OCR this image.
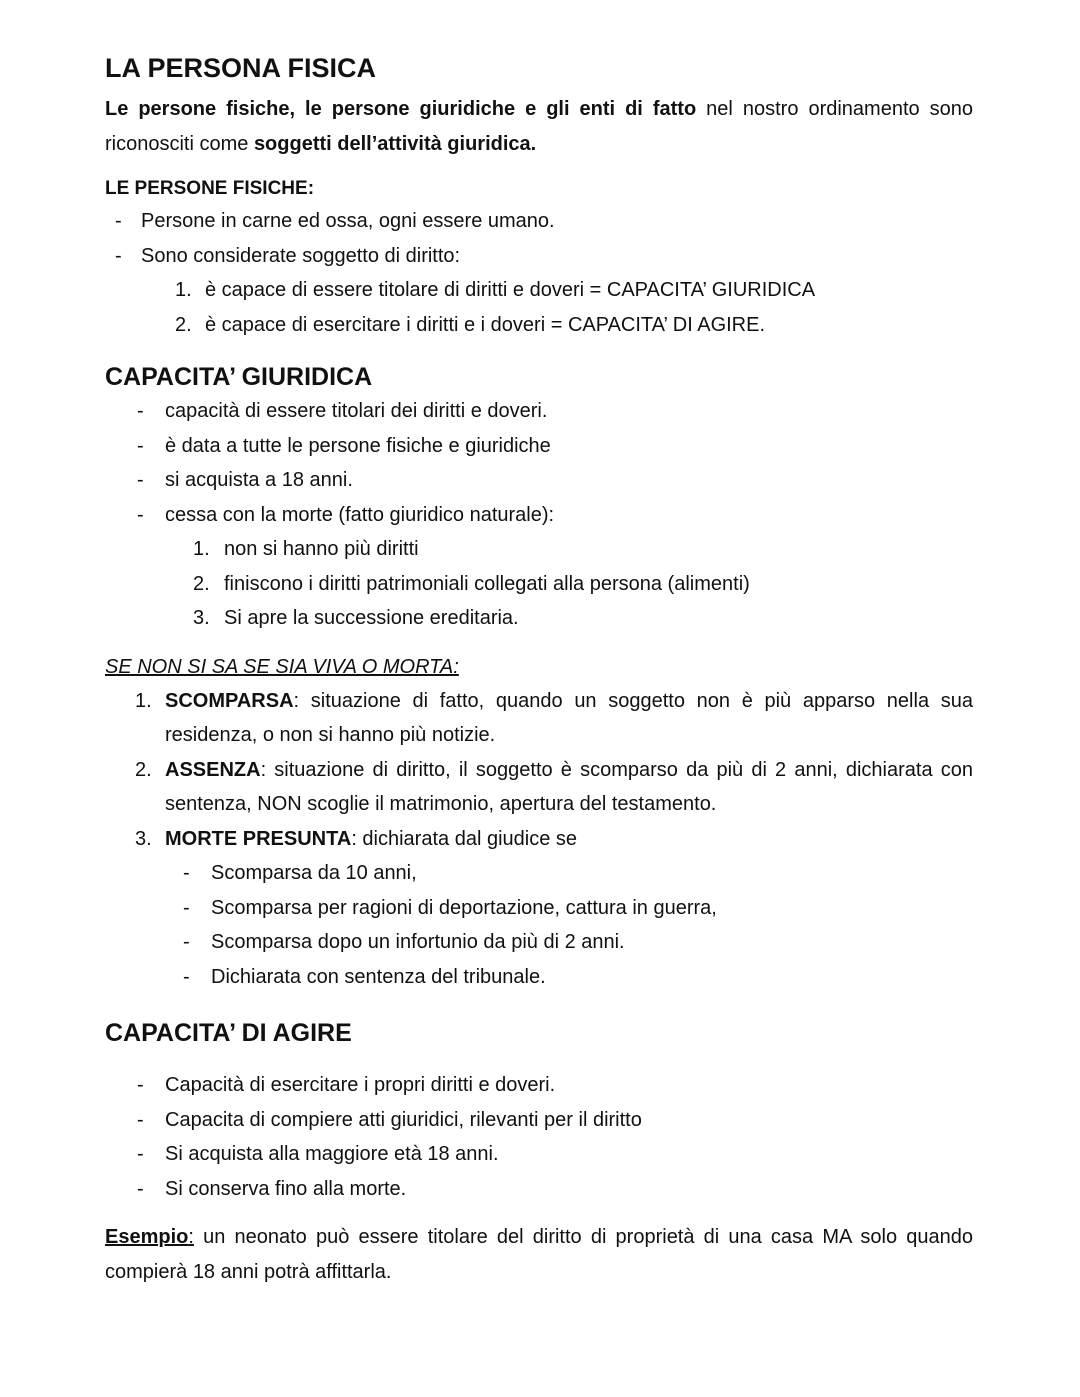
LA PERSONA FISICA

Le persone fisiche, le persone giuridiche e gli enti di fatto nel nostro ordinamento sono riconosciti come soggetti dell’attività giuridica.

LE PERSONE FISICHE:
- Persone in carne ed ossa, ogni essere umano.
- Sono considerate soggetto di diritto:
1. è capace di essere titolare di diritti e doveri = CAPACITA’ GIURIDICA
2. è capace di esercitare i diritti e i doveri = CAPACITA’ DI AGIRE.
CAPACITA’ GIURIDICA
- capacità di essere titolari dei diritti e doveri.
- è data a tutte le persone fisiche e giuridiche
- si acquista a 18 anni.
- cessa con la morte (fatto giuridico naturale):
1. non si hanno più diritti
2. finiscono i diritti patrimoniali collegati alla persona (alimenti)
3. Si apre la successione ereditaria.
SE NON SI SA SE SIA VIVA O MORTA:
1. SCOMPARSA: situazione di fatto, quando un soggetto non è più apparso nella sua residenza, o non si hanno più notizie.
2. ASSENZA: situazione di diritto, il soggetto è scomparso da più di 2 anni, dichiarata con sentenza, NON scoglie il matrimonio, apertura del testamento.
3. MORTE PRESUNTA: dichiarata dal giudice se
- Scomparsa da 10 anni,
- Scomparsa per ragioni di deportazione, cattura in guerra,
- Scomparsa dopo un infortunio da più di 2 anni.
- Dichiarata con sentenza del tribunale.
CAPACITA’ DI AGIRE
- Capacità di esercitare i propri diritti e doveri.
- Capacita di compiere atti giuridici, rilevanti per il diritto
- Si acquista alla maggiore età 18 anni.
- Si conserva fino alla morte.

Esempio: un neonato può essere titolare del diritto di proprietà di una casa MA solo quando compierà 18 anni potrà affittarla.
